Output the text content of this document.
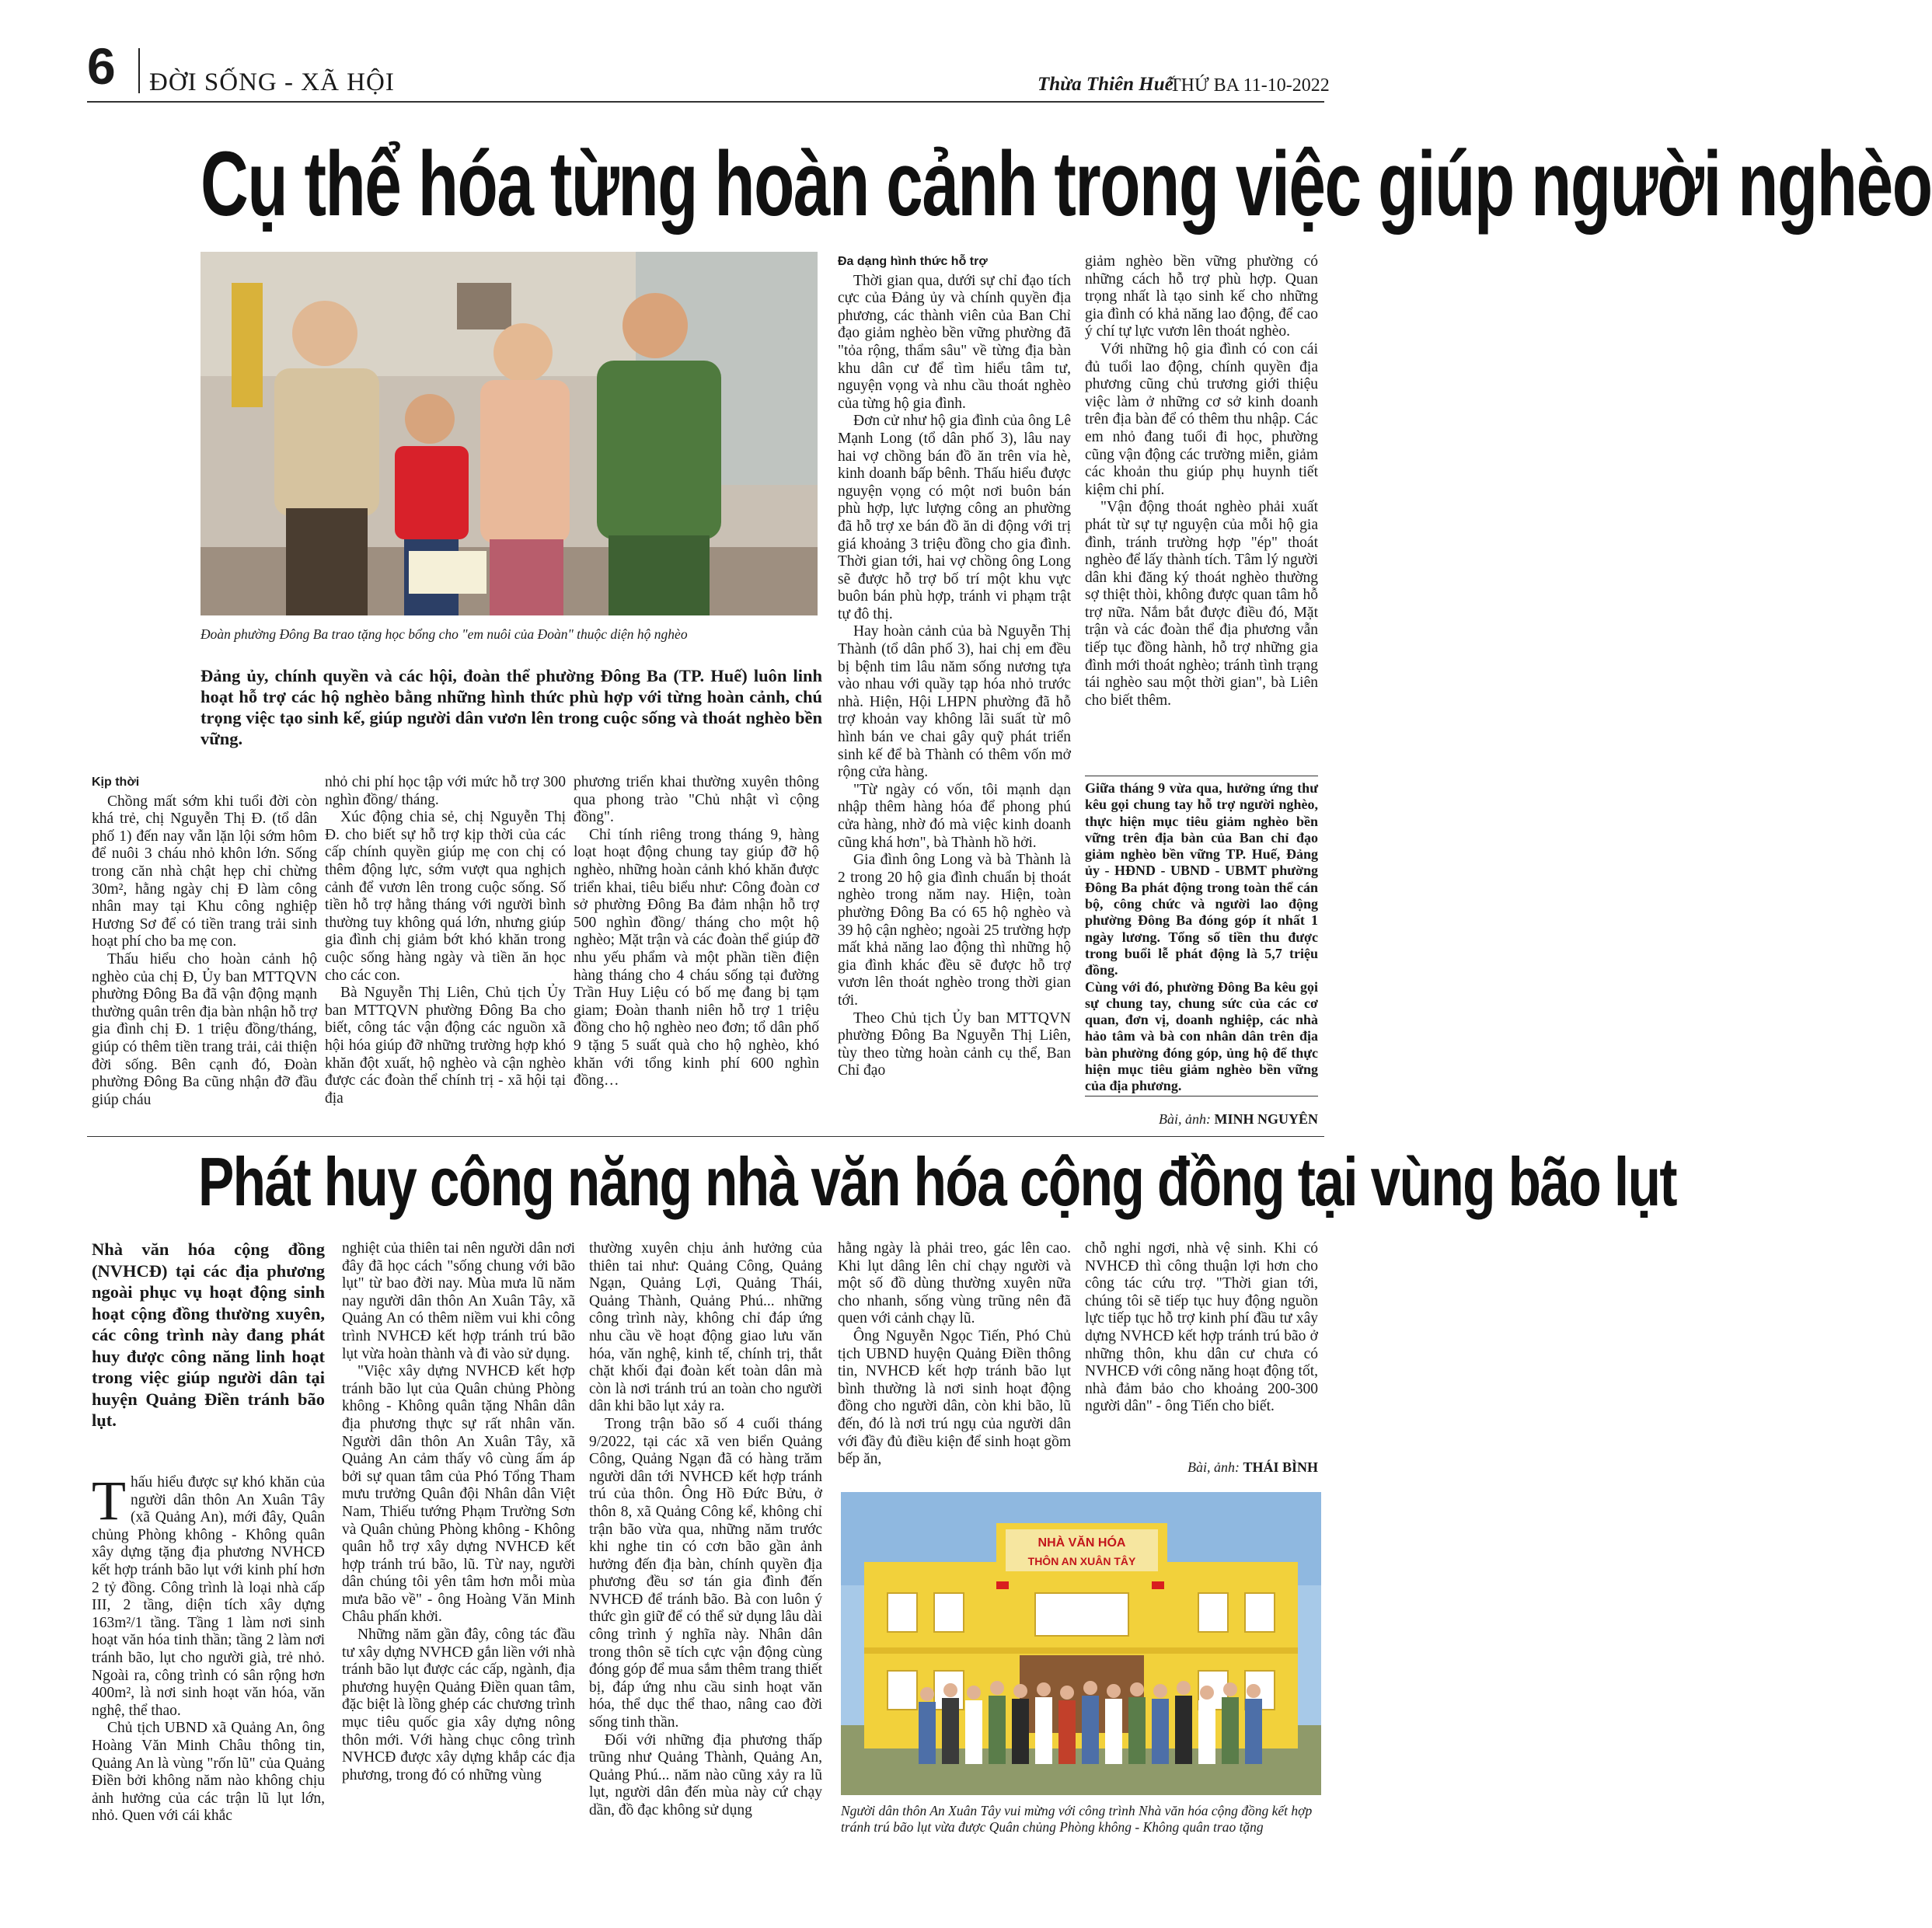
6 ĐỜI SỐNG - XÃ HỘI	Thừa Thiên Huế
THỨ BA 11-10-2022
Cụ thể hóa từng hoàn cảnh trong việc giúp người nghèo
Đoàn phường Đông Ba trao tặng học bổng cho "em nuôi của Đoàn" thuộc diện hộ nghèo
Đảng ủy, chính quyền và các hội, đoàn thể phường Đông Ba (TP. Huế) luôn linh hoạt hỗ trợ các hộ nghèo bằng những hình thức phù hợp với từng hoàn cảnh, chú trọng việc tạo sinh kế, giúp người dân vươn lên trong cuộc sống và thoát nghèo bền vững.
Kịp thời

Chồng mất sớm khi tuổi đời còn khá trẻ, chị Nguyễn Thị Đ. (tổ dân phố 1) đến nay vẫn lặn lội sớm hôm để nuôi 3 cháu nhỏ khôn lớn. Sống trong căn nhà chật hẹp chỉ chừng 30m², hằng ngày chị Đ làm công nhân may tại Khu công nghiệp Hương Sơ để có tiền trang trải sinh hoạt phí cho ba mẹ con.

Thấu hiểu cho hoàn cảnh hộ nghèo của chị Đ, Ủy ban MTTQVN phường Đông Ba đã vận động mạnh thường quân trên địa bàn nhận hỗ trợ gia đình chị Đ. 1 triệu đồng/tháng, giúp có thêm tiền trang trải, cải thiện đời sống. Bên cạnh đó, Đoàn phường Đông Ba cũng nhận đỡ đầu giúp cháu

nhỏ chi phí học tập với mức hỗ trợ 300 nghìn đồng/ tháng.

Xúc động chia sẻ, chị Nguyễn Thị Đ. cho biết sự hỗ trợ kịp thời của các cấp chính quyền giúp mẹ con chị có thêm động lực, sớm vượt qua nghịch cảnh để vươn lên trong cuộc sống. Số tiền hỗ trợ hằng tháng với người bình thường tuy không quá lớn, nhưng giúp gia đình chị giảm bớt khó khăn trong cuộc sống hàng ngày và tiền ăn học cho các con.

Bà Nguyễn Thị Liên, Chủ tịch Ủy ban MTTQVN phường Đông Ba cho biết, công tác vận động các nguồn xã hội hóa giúp đỡ những trường hợp khó khăn đột xuất, hộ nghèo và cận nghèo được các đoàn thể chính trị - xã hội tại địa

phương triển khai thường xuyên thông qua phong trào "Chủ nhật vì cộng đồng".

Chỉ tính riêng trong tháng 9, hàng loạt hoạt động chung tay giúp đỡ hộ nghèo, những hoàn cảnh khó khăn được triển khai, tiêu biểu như: Công đoàn cơ sở phường Đông Ba đảm nhận hỗ trợ 500 nghìn đồng/ tháng cho một hộ nghèo; Mặt trận và các đoàn thể giúp đỡ nhu yếu phẩm và một phần tiền điện hàng tháng cho 4 cháu sống tại đường Trần Huy Liệu có bố mẹ đang bị tạm giam; Đoàn thanh niên hỗ trợ 1 triệu đồng cho hộ nghèo neo đơn; tổ dân phố 9 tặng 5 suất quà cho hộ nghèo, khó khăn với tổng kinh phí 600 nghìn đồng…

Đa dạng hình thức hỗ trợ

Thời gian qua, dưới sự chỉ đạo tích cực của Đảng ủy và chính quyền địa phương, các thành viên của Ban Chỉ đạo giảm nghèo bền vững phường đã "tỏa rộng, thẩm sâu" về từng địa bàn khu dân cư để tìm hiểu tâm tư, nguyện vọng và nhu cầu thoát nghèo của từng hộ gia đình.

Đơn cử như hộ gia đình của ông Lê Mạnh Long (tổ dân phố 3), lâu nay hai vợ chồng bán đồ ăn trên vỉa hè, kinh doanh bấp bênh. Thấu hiểu được nguyện vọng có một nơi buôn bán phù hợp, lực lượng công an phường đã hỗ trợ xe bán đồ ăn di động với trị giá khoảng 3 triệu đồng cho gia đình. Thời gian tới, hai vợ chồng ông Long sẽ được hỗ trợ bố trí một khu vực buôn bán phù hợp, tránh vi phạm trật tự đô thị.

Hay hoàn cảnh của bà Nguyễn Thị Thành (tổ dân phố 3), hai chị em đều bị bệnh tim lâu năm sống nương tựa vào nhau với quầy tạp hóa nhỏ trước nhà. Hiện, Hội LHPN phường đã hỗ trợ khoản vay không lãi suất từ mô hình bán ve chai gây quỹ phát triển sinh kế để bà Thành có thêm vốn mở rộng cửa hàng.

"Từ ngày có vốn, tôi mạnh dạn nhập thêm hàng hóa để phong phú cửa hàng, nhờ đó mà việc kinh doanh cũng khá hơn", bà Thành hồ hởi.

Gia đình ông Long và bà Thành là 2 trong 20 hộ gia đình chuẩn bị thoát nghèo trong năm nay. Hiện, toàn phường Đông Ba có 65 hộ nghèo và 39 hộ cận nghèo; ngoài 25 trường hợp mất khả năng lao động thì những hộ gia đình khác đều sẽ được hỗ trợ vươn lên thoát nghèo trong thời gian tới.

Theo Chủ tịch Ủy ban MTTQVN phường Đông Ba Nguyễn Thị Liên, tùy theo từng hoàn cảnh cụ thể, Ban Chỉ đạo

giảm nghèo bền vững phường có những cách hỗ trợ phù hợp. Quan trọng nhất là tạo sinh kế cho những gia đình có khả năng lao động, để cao ý chí tự lực vươn lên thoát nghèo.

Với những hộ gia đình có con cái đủ tuổi lao động, chính quyền địa phương cũng chủ trương giới thiệu việc làm ở những cơ sở kinh doanh trên địa bàn để có thêm thu nhập. Các em nhỏ đang tuổi đi học, phường cũng vận động các trường miễn, giảm các khoản thu giúp phụ huynh tiết kiệm chi phí.

"Vận động thoát nghèo phải xuất phát từ sự tự nguyện của mỗi hộ gia đình, tránh trường hợp "ép" thoát nghèo để lấy thành tích. Tâm lý người dân khi đăng ký thoát nghèo thường sợ thiệt thòi, không được quan tâm hỗ trợ nữa. Nắm bắt được điều đó, Mặt trận và các đoàn thể địa phương vẫn tiếp tục đồng hành, hỗ trợ những gia đình mới thoát nghèo; tránh tình trạng tái nghèo sau một thời gian", bà Liên cho biết thêm.

Giữa tháng 9 vừa qua, hưởng ứng thư kêu gọi chung tay hỗ trợ người nghèo, thực hiện mục tiêu giảm nghèo bền vững trên địa bàn của Ban chỉ đạo giảm nghèo bền vững TP. Huế, Đảng ủy - HĐND - UBND - UBMT phường Đông Ba phát động trong toàn thể cán bộ, công chức và người lao động phường Đông Ba đóng góp ít nhất 1 ngày lương. Tổng số tiền thu được trong buổi lễ phát động là 5,7 triệu đồng.
Cùng với đó, phường Đông Ba kêu gọi sự chung tay, chung sức của các cơ quan, đơn vị, doanh nghiệp, các nhà hảo tâm và bà con nhân dân trên địa bàn phường đóng góp, ủng hộ để thực hiện mục tiêu giảm nghèo bền vững của địa phương.
Bài, ảnh: MINH NGUYÊN
Phát huy công năng nhà văn hóa cộng đồng tại vùng bão lụt
Nhà văn hóa cộng đồng (NVHCĐ) tại các địa phương ngoài phục vụ hoạt động sinh hoạt cộng đồng thường xuyên, các công trình này đang phát huy được công năng linh hoạt trong việc giúp người dân tại huyện Quảng Điền tránh bão lụt.

Thấu hiểu được sự khó khăn của người dân thôn An Xuân Tây (xã Quảng An), mới đây, Quân chủng Phòng không - Không quân xây dựng tặng địa phương NVHCĐ kết hợp tránh bão lụt với kinh phí hơn 2 tỷ đồng. Công trình là loại nhà cấp III, 2 tầng, diện tích xây dựng 163m²/1 tầng. Tầng 1 làm nơi sinh hoạt văn hóa tinh thần; tầng 2 làm nơi tránh bão, lụt cho người già, trẻ nhỏ. Ngoài ra, công trình có sân rộng hơn 400m², là nơi sinh hoạt văn hóa, văn nghệ, thể thao.

Chủ tịch UBND xã Quảng An, ông Hoàng Văn Minh Châu thông tin, Quảng An là vùng "rốn lũ" của Quảng Điền bởi không năm nào không chịu ảnh hưởng của các trận lũ lụt lớn, nhỏ. Quen với cái khắc

nghiệt của thiên tai nên người dân nơi đây đã học cách "sống chung với bão lụt" từ bao đời nay. Mùa mưa lũ năm nay người dân thôn An Xuân Tây, xã Quảng An có thêm niềm vui khi công trình NVHCĐ kết hợp tránh trú bão lụt vừa hoàn thành và đi vào sử dụng.

"Việc xây dựng NVHCĐ kết hợp tránh bão lụt của Quân chủng Phòng không - Không quân tặng Nhân dân địa phương thực sự rất nhân văn. Người dân thôn An Xuân Tây, xã Quảng An cảm thấy vô cùng ấm áp bởi sự quan tâm của Phó Tổng Tham mưu trưởng Quân đội Nhân dân Việt Nam, Thiếu tướng Phạm Trường Sơn và Quân chủng Phòng không - Không quân hỗ trợ xây dựng NVHCĐ kết hợp tránh trú bão, lũ. Từ nay, người dân chúng tôi yên tâm hơn mỗi mùa mưa bão về" - ông Hoàng Văn Minh Châu phấn khởi.

Những năm gần đây, công tác đầu tư xây dựng NVHCĐ gắn liền với nhà tránh bão lụt được các cấp, ngành, địa phương huyện Quảng Điền quan tâm, đặc biệt là lồng ghép các chương trình mục tiêu quốc gia xây dựng nông thôn mới. Với hàng chục công trình NVHCĐ được xây dựng khắp các địa phương, trong đó có những vùng

thường xuyên chịu ảnh hưởng của thiên tai như: Quảng Công, Quảng Ngạn, Quảng Lợi, Quảng Thái, Quảng Thành, Quảng Phú... những công trình này, không chỉ đáp ứng nhu cầu về hoạt động giao lưu văn hóa, văn nghệ, kinh tế, chính trị, thắt chặt khối đại đoàn kết toàn dân mà còn là nơi tránh trú an toàn cho người dân khi bão lụt xảy ra.

Trong trận bão số 4 cuối tháng 9/2022, tại các xã ven biển Quảng Công, Quảng Ngạn đã có hàng trăm người dân tới NVHCĐ kết hợp tránh trú của thôn. Ông Hồ Đức Bửu, ở thôn 8, xã Quảng Công kể, không chỉ trận bão vừa qua, những năm trước khi nghe tin có cơn bão gần ảnh hưởng đến địa bàn, chính quyền địa phương đều sơ tán gia đình đến NVHCĐ để tránh bão. Bà con luôn ý thức gìn giữ để có thể sử dụng lâu dài công trình ý nghĩa này. Nhân dân trong thôn sẽ tích cực vận động cùng đóng góp để mua sắm thêm trang thiết bị, đáp ứng nhu cầu sinh hoạt văn hóa, thể dục thể thao, nâng cao đời sống tinh thần.

Đối với những địa phương thấp trũng như Quảng Thành, Quảng An, Quảng Phú... năm nào cũng xảy ra lũ lụt, người dân đến mùa này cứ chạy dần, đồ đạc không sử dụng

hằng ngày là phải treo, gác lên cao. Khi lụt dâng lên chỉ chạy người và một số đồ dùng thường xuyên nữa cho nhanh, sống vùng trũng nên đã quen với cảnh chạy lũ.

Ông Nguyễn Ngọc Tiến, Phó Chủ tịch UBND huyện Quảng Điền thông tin, NVHCĐ kết hợp tránh bão lụt bình thường là nơi sinh hoạt động đồng cho người dân, còn khi bão, lũ đến, đó là nơi trú ngụ của người dân với đầy đủ điều kiện để sinh hoạt gồm bếp ăn,

chỗ nghỉ ngơi, nhà vệ sinh. Khi có NVHCĐ thì công thuận lợi hơn cho công tác cứu trợ. "Thời gian tới, chúng tôi sẽ tiếp tục huy động nguồn lực tiếp tục hỗ trợ kinh phí đầu tư xây dựng NVHCĐ kết hợp tránh trú bão ở những thôn, khu dân cư chưa có NVHCĐ với công năng hoạt động tốt, nhà đảm bảo cho khoảng 200-300 người dân" - ông Tiến cho biết.

Bài, ảnh: THÁI BÌNH
NHÀ VĂN HÓA
THÔN AN XUÂN TÂY
Người dân thôn An Xuân Tây vui mừng với công trình Nhà văn hóa cộng đồng kết hợp tránh trú bão lụt vừa được Quân chủng Phòng không - Không quân trao tặng
